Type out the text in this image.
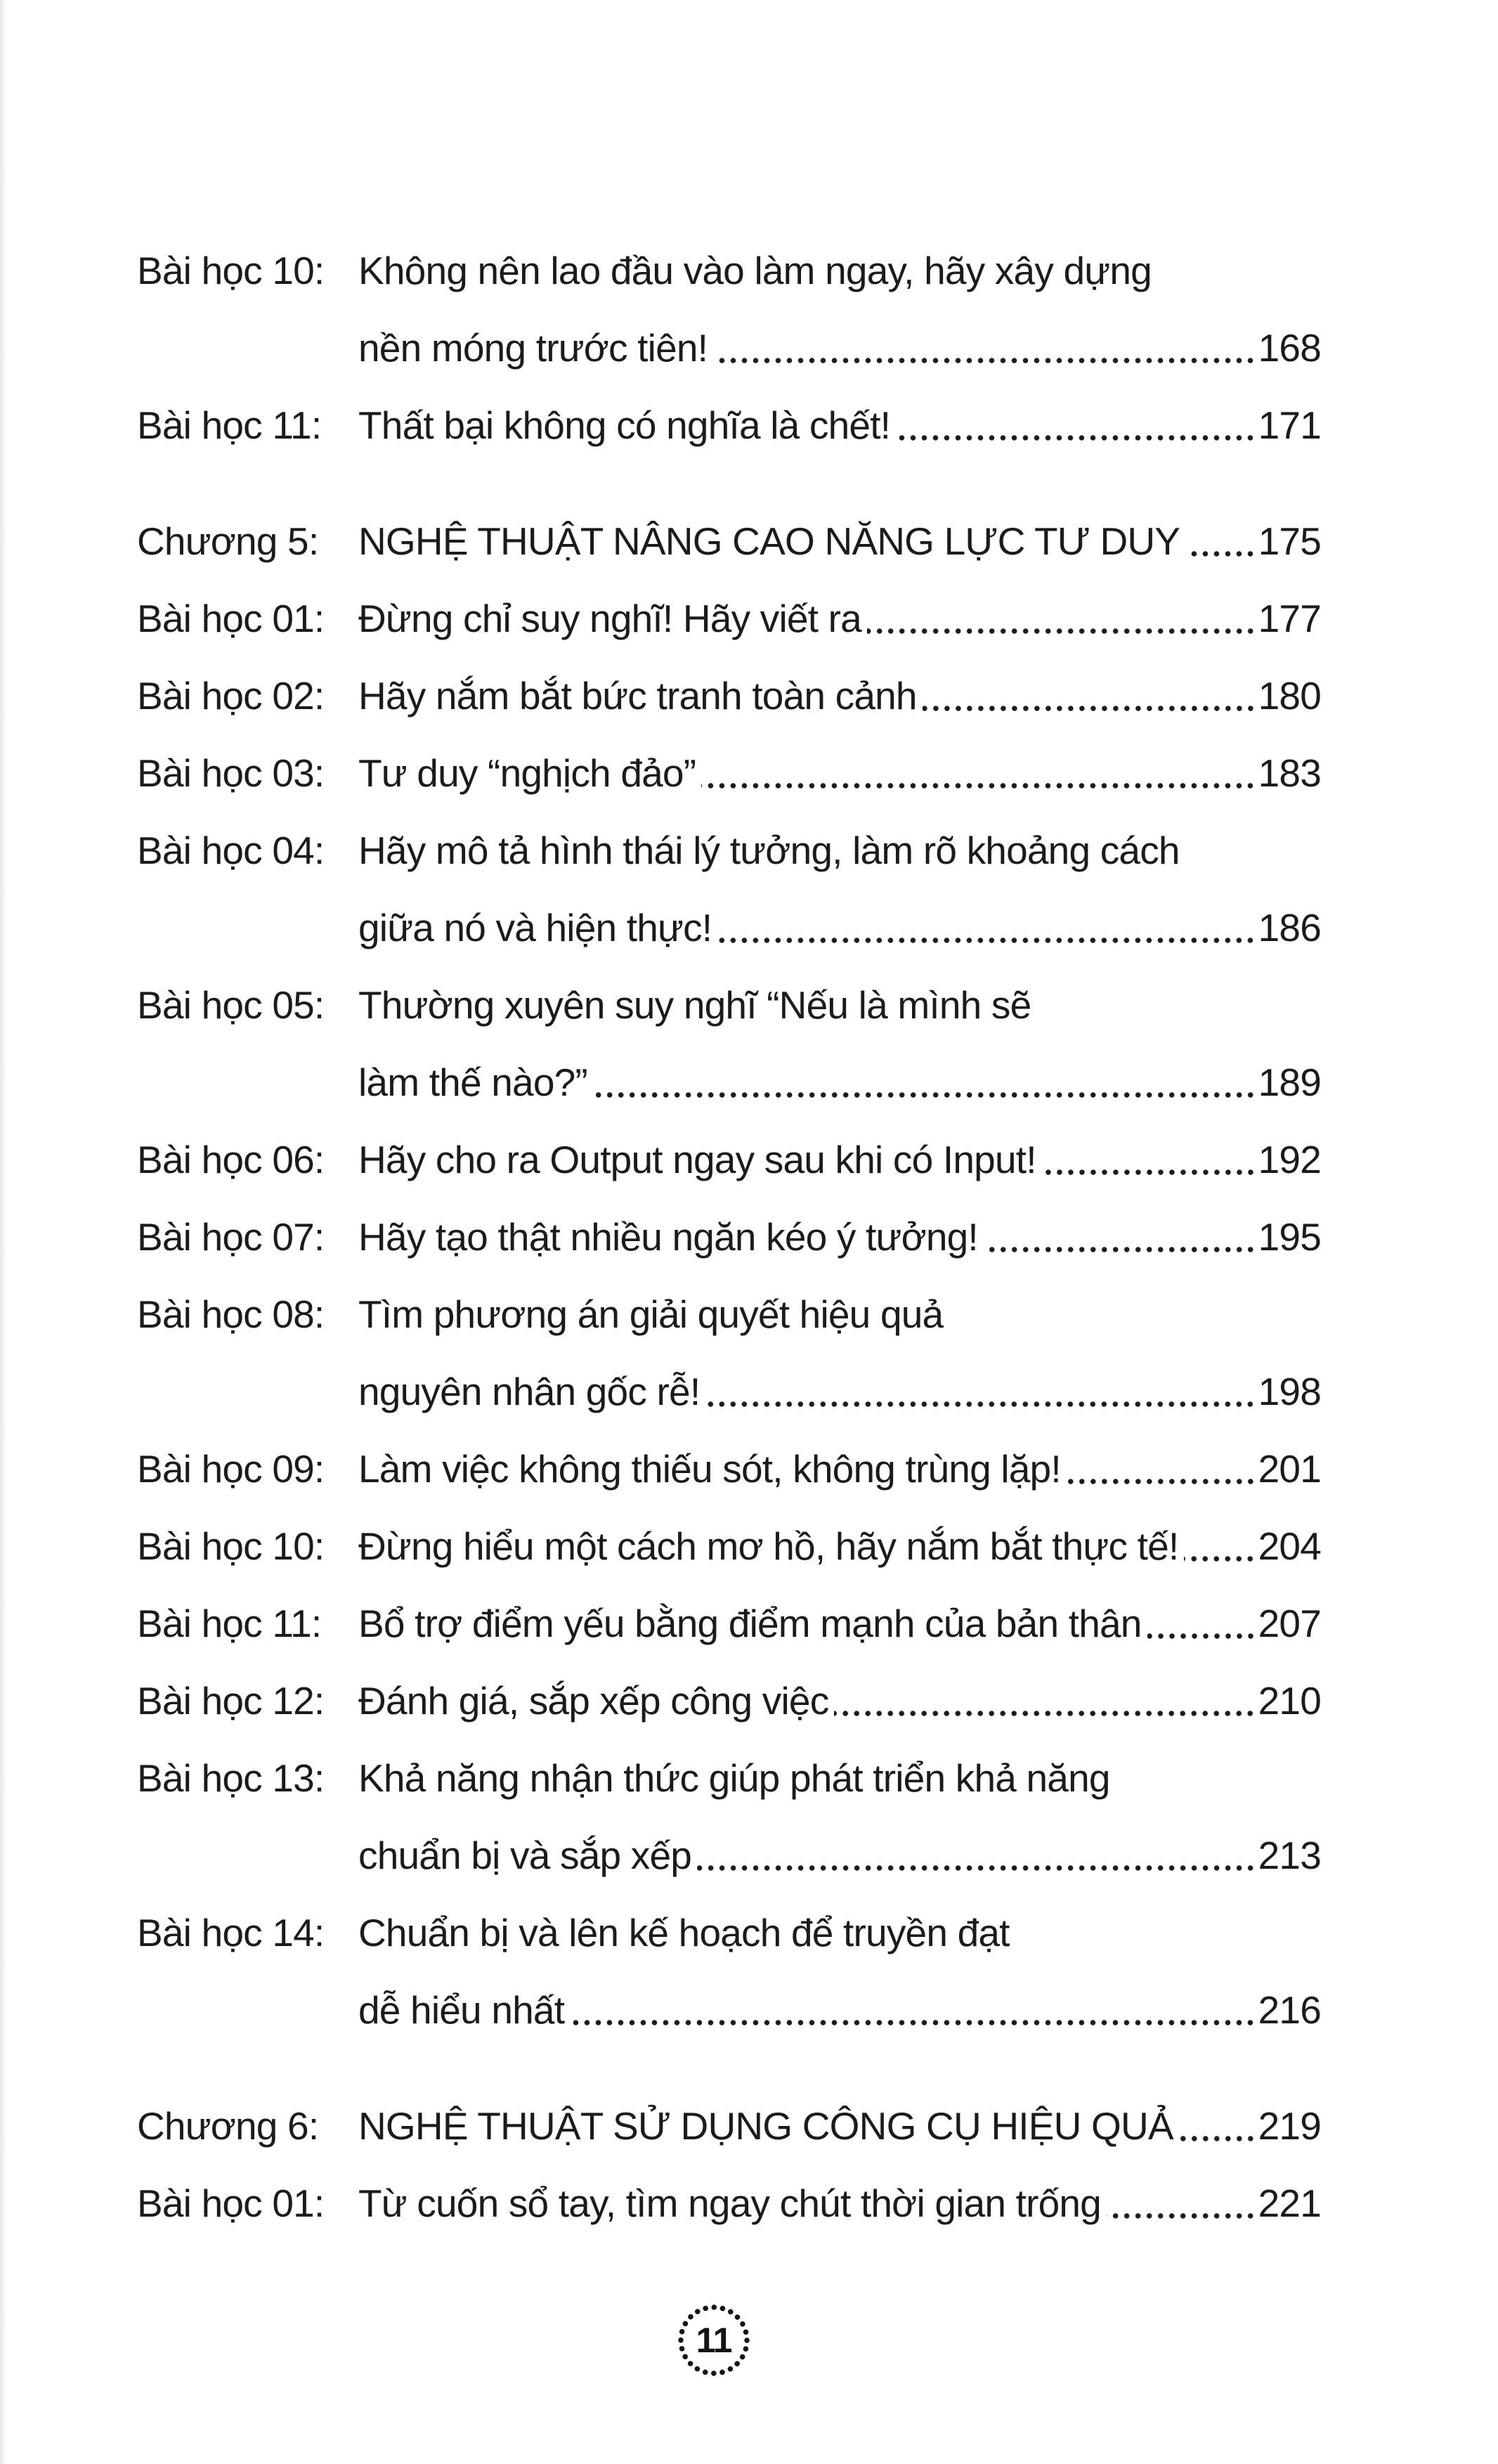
Bài học 10: Không nên lao đầu vào làm ngay, hãy xây dựng
nền móng trước tiên!	168
Bài học 11: Thất bại không có nghĩa là chết!	171
Chương 5:	NGHỆ THUẬT NÂNG CAO NĂNG LỰC TƯ DUY 175
Bài học 01: Đừng chỉ suy nghĩ! Hãy viết ra	177
Bài học 02: Hãy nắm bắt bức tranh toàn cảnh	180
Bài học 03: Tư duy “nghịch đảo”	183
Bài học 04: Hãy mô tả hình thái lý tưởng, làm rõ khoảng cách
giữa nó và hiện thực!	186
Bài học 05: Thường xuyên suy nghĩ “Nếu là mình sẽ
làm thế nào?”	189
Bài học 06: Hãy cho ra Output ngay sau khi có Input!	192
Bài học 07: Hãy tạo thật nhiều ngăn kéo ý tưởng!	195
Bài học 08: Tìm phương án giải quyết hiệu quả
nguyên nhân gốc rễ!	198
Bài học 09: Làm việc không thiếu sót, không trùng lặp!	201
Bài học 10: Đừng hiểu một cách mơ hồ, hãy nắm bắt thực tế! 204
Bài học 11: Bổ trợ điểm yếu bằng điểm mạnh của bản thân	207
Bài học 12: Đánh giá, sắp xếp công việc	210
Bài học 13: Khả năng nhận thức giúp phát triển khả năng
chuẩn bị và sắp xếp	213
Bài học 14: Chuẩn bị và lên kế hoạch để truyền đạt
dễ hiểu nhất	216
Chương 6:	NGHỆ THUẬT SỬ DỤNG CÔNG CỤ HIỆU QUẢ 219
Bài học 01: Từ cuốn sổ tay, tìm ngay chút thời gian trống	221
11
